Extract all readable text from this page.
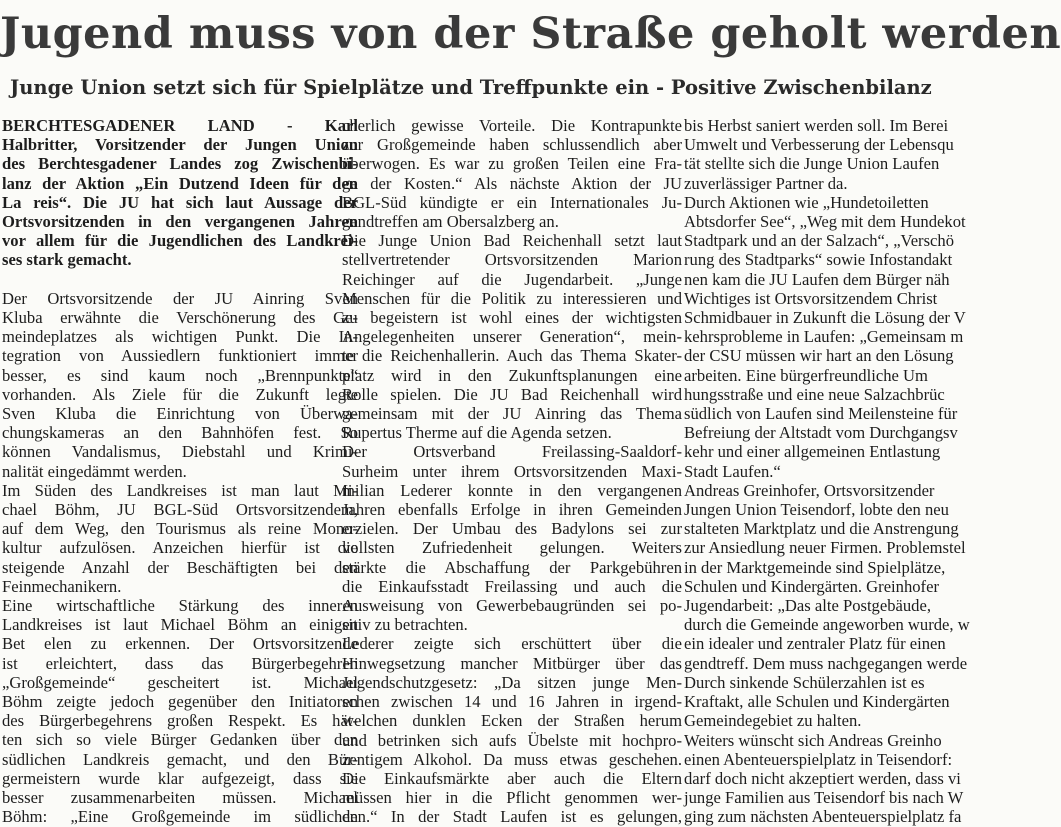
Jugend muss von der Straße geholt werden
Junge Union setzt sich für Spielplätze und Treffpunkte ein - Positive Zwischenbilanz
BERCHTESGADENER LAND - Karl
Halbritter, Vorsitzender der Jungen Union
des Berchtesgadener Landes zog Zwischenbi-
lanz der Aktion „Ein Dutzend Ideen für den
La reis“. Die JU hat sich laut Aussage der
Ortsvorsitzenden in den vergangenen Jahren
vor allem für die Jugendlichen des Landkrei-
ses stark gemacht.
Der Ortsvorsitzende der JU Ainring Sven
Kluba erwähnte die Verschönerung des Ge-
meindeplatzes als wichtigen Punkt. Die In-
tegration von Aussiedlern funktioniert immer
besser, es sind kaum noch „Brennpunkte“
vorhanden. Als Ziele für die Zukunft legte
Sven Kluba die Einrichtung von Überwa-
chungskameras an den Bahnhöfen fest. So
können Vandalismus, Diebstahl und Krimi-
nalität eingedämmt werden.
Im Süden des Landkreises ist man laut Mi-
chael Böhm, JU BGL-Süd Ortsvorsitzendem,
auf dem Weg, den Tourismus als reine Mono-
kultur aufzulösen. Anzeichen hierfür ist die
steigende Anzahl der Beschäftigten bei den
Feinmechanikern.
Eine wirtschaftliche Stärkung des inneren
Landkreises ist laut Michael Böhm an einigen
Bet elen zu erkennen. Der Ortsvorsitzende
ist erleichtert, dass das Bürgerbegehren
„Großgemeinde“ gescheitert ist. Michael
Böhm zeigte jedoch gegenüber den Initiatoren
des Bürgerbegehrens großen Respekt. Es hät-
ten sich so viele Bürger Gedanken über den
südlichen Landkreis gemacht, und den Bür-
germeistern wurde klar aufgezeigt, dass sie
besser zusammenarbeiten müssen. Michael
Böhm: „Eine Großgemeinde im südlichen
cherlich gewisse Vorteile. Die Kontrapunkte
zur Großgemeinde haben schlussendlich aber
überwogen. Es war zu großen Teilen eine Fra-
ge der Kosten.“ Als nächste Aktion der JU
BGL-Süd kündigte er ein Internationales Ju-
gendtreffen am Obersalzberg an.
Die Junge Union Bad Reichenhall setzt laut
stellvertretender Ortsvorsitzenden Marion
Reichinger auf die Jugendarbeit. „Junge
Menschen für die Politik zu interessieren und
zu begeistern ist wohl eines der wichtigsten
Angelegenheiten unserer Generation“, mein-
te die Reichenhallerin. Auch das Thema Skater-
platz wird in den Zukunftsplanungen eine
Rolle spielen. Die JU Bad Reichenhall wird
gemeinsam mit der JU Ainring das Thema
Rupertus Therme auf die Agenda setzen.
Der Ortsverband Freilassing-Saaldorf-
Surheim unter ihrem Ortsvorsitzenden Maxi-
milian Lederer konnte in den vergangenen
Jahren ebenfalls Erfolge in ihren Gemeinden
erzielen. Der Umbau des Badylons sei zur
vollsten Zufriedenheit gelungen. Weiters
stärkte die Abschaffung der Parkgebühren
die Einkaufsstadt Freilassing und auch die
Ausweisung von Gewerbebaugründen sei po-
sitiv zu betrachten.
Lederer zeigte sich erschüttert über die
Hinwegsetzung mancher Mitbürger über das
Jugendschutzgesetz: „Da sitzen junge Men-
schen zwischen 14 und 16 Jahren in irgend-
welchen dunklen Ecken der Straßen herum
und betrinken sich aufs Übelste mit hochpro-
zentigem Alkohol. Da muss etwas geschehen.
Die Einkaufsmärkte aber auch die Eltern
müssen hier in die Pflicht genommen wer-
den.“ In der Stadt Laufen ist es gelungen,
bis Herbst saniert werden soll. Im Berei
Umwelt und Verbesserung der Lebensqu
tät stellte sich die Junge Union Laufen
zuverlässiger Partner da.
Durch Aktionen wie „Hundetoiletten
Abtsdorfer See“, „Weg mit dem Hundekot
Stadtpark und an der Salzach“, „Verschö
rung des Stadtparks“ sowie Infostandakt
nen kam die JU Laufen dem Bürger näh
Wichtiges ist Ortsvorsitzendem Christ
Schmidbauer in Zukunft die Lösung der V
kehrsprobleme in Laufen: „Gemeinsam m
der CSU müssen wir hart an den Lösung
arbeiten. Eine bürgerfreundliche Um
hungsstraße und eine neue Salzachbrüc
südlich von Laufen sind Meilensteine für
Befreiung der Altstadt vom Durchgangsv
kehr und einer allgemeinen Entlastung
Stadt Laufen.“
Andreas Greinhofer, Ortsvorsitzender
Jungen Union Teisendorf, lobte den neu
stalteten Marktplatz und die Anstrengung
zur Ansiedlung neuer Firmen. Problemstel
in der Marktgemeinde sind Spielplätze,
Schulen und Kindergärten. Greinhofer
Jugendarbeit: „Das alte Postgebäude,
durch die Gemeinde angeworben wurde, w
ein idealer und zentraler Platz für einen
gendtreff. Dem muss nachgegangen werde
Durch sinkende Schülerzahlen ist es
Kraftakt, alle Schulen und Kindergärten
Gemeindegebiet zu halten.
Weiters wünscht sich Andreas Greinho
einen Abenteuerspielplatz in Teisendorf:
darf doch nicht akzeptiert werden, dass vi
junge Familien aus Teisendorf bis nach W
ging zum nächsten Abenteuerspielplatz fa
